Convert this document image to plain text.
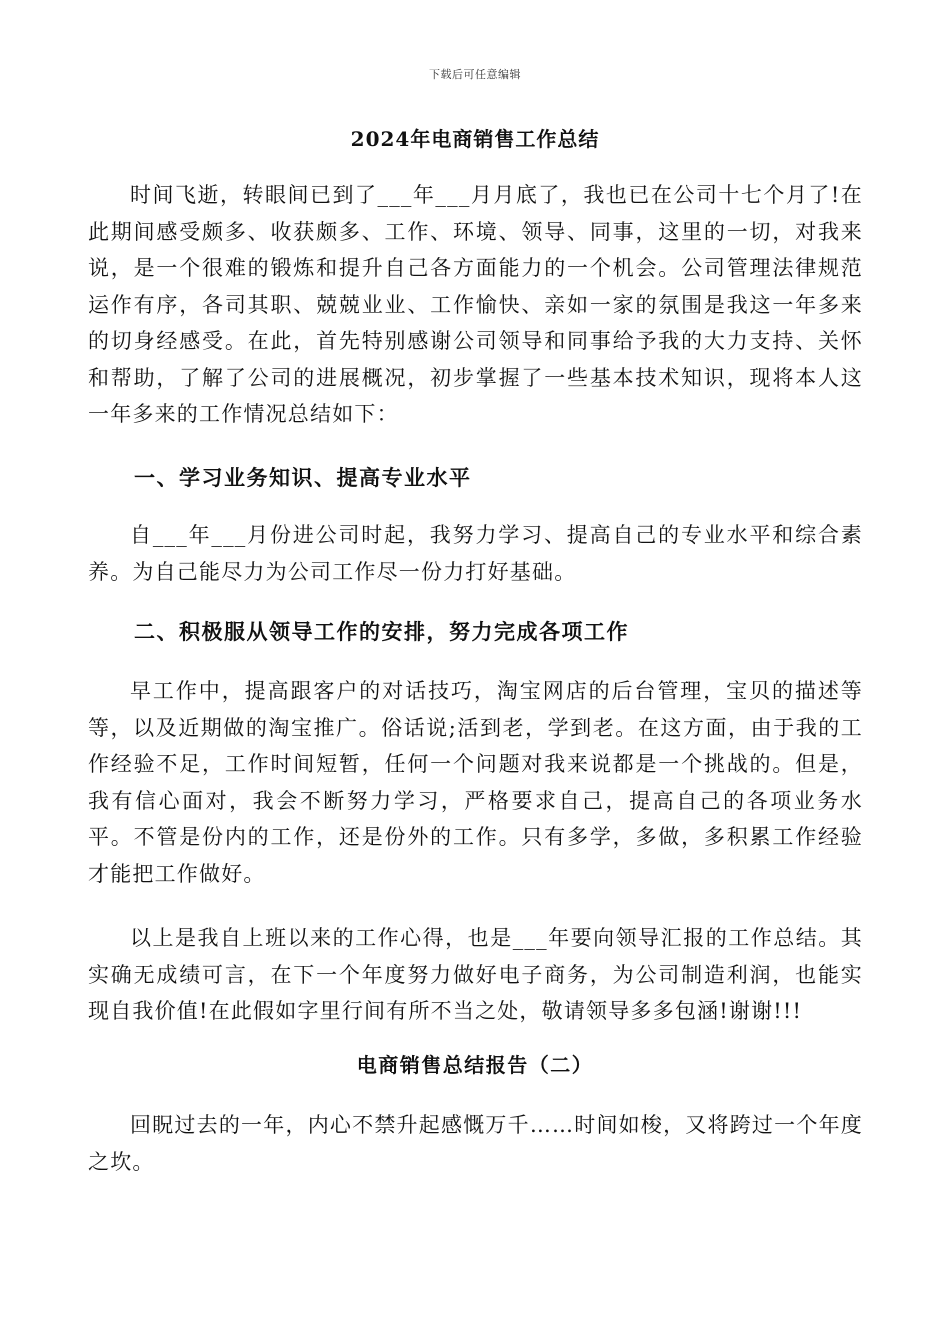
下载后可任意编辑
2024年电商销售工作总结

时间飞逝，转眼间已到了___年___月月底了，我也已在公司十七个月了!在此期间感受颇多、收获颇多、工作、环境、领导、同事，这里的一切，对我来说，是一个很难的锻炼和提升自己各方面能力的一个机会。公司管理法律规范运作有序，各司其职、兢兢业业、工作愉快、亲如一家的氛围是我这一年多来的切身经感受。在此，首先特别感谢公司领导和同事给予我的大力支持、关怀和帮助，了解了公司的进展概况，初步掌握了一些基本技术知识，现将本人这一年多来的工作情况总结如下：

一、学习业务知识、提高专业水平

自___年___月份进公司时起，我努力学习、提高自己的专业水平和综合素养。为自己能尽力为公司工作尽一份力打好基础。

二、积极服从领导工作的安排，努力完成各项工作

早工作中，提高跟客户的对话技巧，淘宝网店的后台管理，宝贝的描述等等，以及近期做的淘宝推广。俗话说;活到老，学到老。在这方面，由于我的工作经验不足，工作时间短暂，任何一个问题对我来说都是一个挑战的。但是，我有信心面对，我会不断努力学习，严格要求自己，提高自己的各项业务水平。不管是份内的工作，还是份外的工作。只有多学，多做，多积累工作经验才能把工作做好。

以上是我自上班以来的工作心得，也是___年要向领导汇报的工作总结。其实确无成绩可言，在下一个年度努力做好电子商务，为公司制造利润，也能实现自我价值!在此假如字里行间有所不当之处，敬请领导多多包涵!谢谢!!!

电商销售总结报告（二）

回眖过去的一年，内心不禁升起感慨万千……时间如梭，又将跨过一个年度之坎。
